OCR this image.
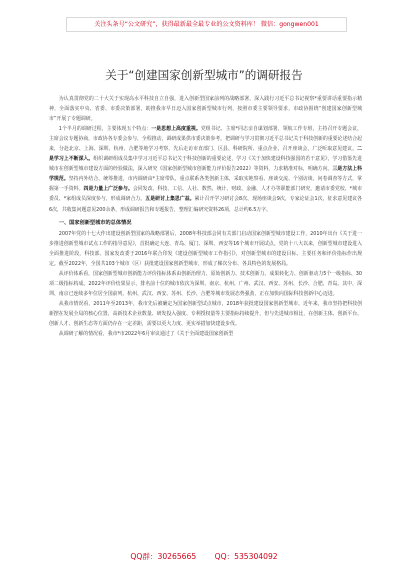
关注头条号“公文研究”，获得最新最全最专业的公文资料库！ 微信：gongwen001
关于“创建国家创新型城市”的调研报告

为认真贯彻党的二十大关于实现高水平科技自立自强，进入创新型国家前列的战略部署，深入践行习近平总书记视察*重要讲话重要指示精神，全面落实中央、省委、市委决策部署，助推我市早日迈入国家创新型城市行列，按照市委主要领导要求，市政协围绕“创建国家创新型城市”开展了专题调研。

1个半月的调研过程，主要体现五个特点：一是思想上高度重视。党组书记、主席*同志亲自谋划部署，领航工作专班，主持召开专题会议，主席会议专题协商，市政协各专委会参与，全程推动，调研成果供市委决策参考。把调研与学习贯彻习近平总书记关于科技创新的重要论述结合起来，分赴北京、上海、深圳、杭州、合肥等地学习考察，先后走访市直部门、区县、科研院所、重点企业，召开座谈会，广泛听取意见建议。二是学习上不断深入。组织调研组成员集中学习习近平总书记关于科技创新的重要论述，学习《关于加快建设科技强国的若干意见》，学习借鉴先进城市在创新型城市建设方面的经验做法，深入研究《国家创新型城市创新能力评价报告2022》等资料，力求精准对标，明确方向。三是方法上科学规范。坚持内外结合、统筹推进，市内调研由*主席带队，重点联系各类创新主体，采取实地察看、座谈交流、个别访谈、问卷调查等方式，掌握第一手资料。四是力量上广泛参与。会同发改、科技、工信、人社、数然、统计、财政、金融、人才办等职能部门研究，邀请市委党校、*城市委员、*家组成员深度参与，形成调研合力。五是研讨上集思广益。累计召开学习研讨会8次、现场座谈会9次，专家论证会1次，征求意见建议各6次，共收集问题意见200余条，形成调研报告和专题报告，整理汇编研究资料26项，总计约6.5万字。

一、国家创新型城市的总体情况

2007年党的十七大作出建设创新型国家的战略部署后，2008年科技部会同有关部门启动国家创新型城市建设工作，2010年出台《关于进一步推进创新型城市试点工作的指导意见》，首批确定大连、青岛、厦门、深圳、西安等16个城市开展试点。党的十八大以来，创新型城市建设进入全面推进阶段，科技部、国家发改委于2016年联合印发《建设创新型城市工作指引》，对创新型城市的建设目标、主要任务和评价指标作出规定。截至2022年，全国共103个城市（区）获批建设国家创新型城市，形成了梯次分布、各具特色的发展格局。

从评价体系看，国家创新型城市创新能力评价指标体系由创新治理力、原始创新力、技术创新力、成果转化力、创新驱动力5个一级指标、30项二级指标构成。2022年评价结果显示，排名前十位的城市依次为深圳、南京、杭州、广州、武汉、西安、苏州、长沙、合肥、青岛。其中，深圳、南京已连续多年位居全国前列，杭州、武汉、西安、苏州、长沙、合肥等城市发展态势强劲，正在加快向国际科技创新中心迈进。

从我市情况看，2011年至2013年，我市先后被确定为国家创新型试点城市，2018年获批建设国家创新型城市。近年来，我市坚持把科技创新摆在发展全局的核心位置，高新技术企业数量、研发投入强度、专利授权量等主要指标持续提升，但与先进城市相比，在创新主体、创新平台、创新人才、创新生态等方面仍存在一定差距，需要以更大力度、更实举措加快建设步伐。

从调研了解的情况看，我市*市2022年6月审议通过了《关于全面建设国家创新型

QQ群：30265665 QQ：535304092
